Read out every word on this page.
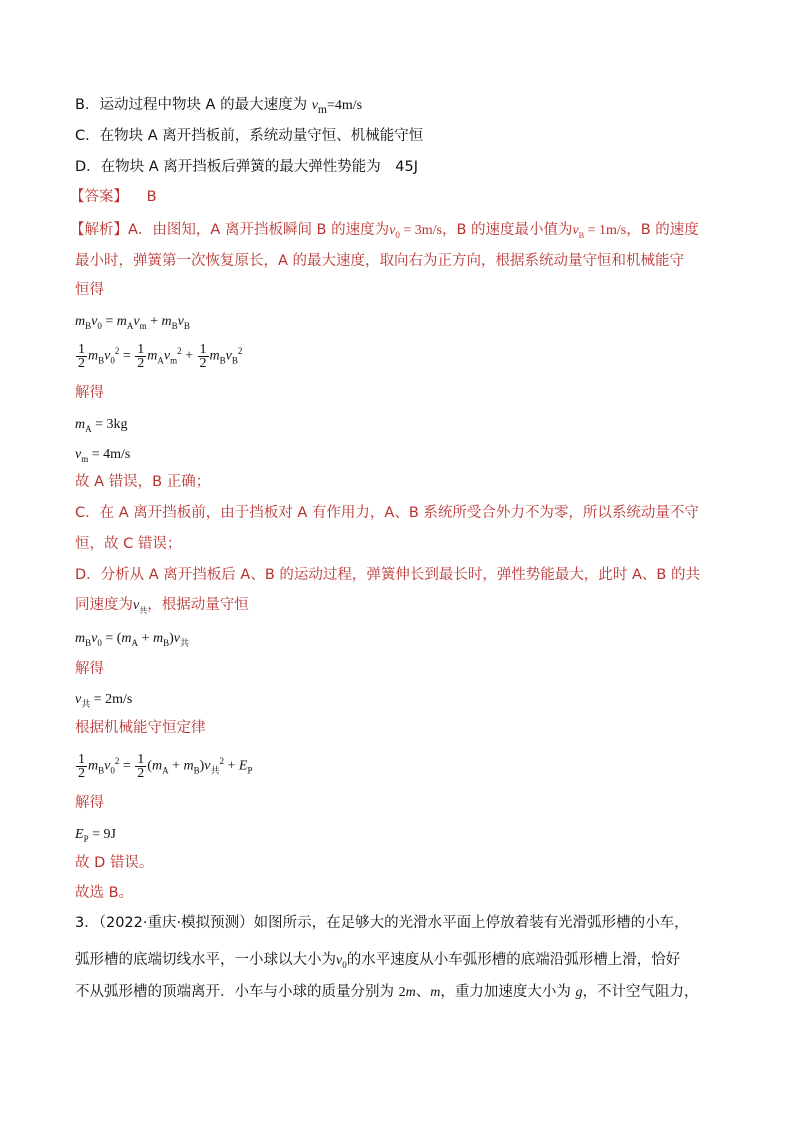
B．运动过程中物块 A 的最大速度为 $v_m=4m/s$
C．在物块 A 离开挡板前，系统动量守恒、机械能守恒
D．在物块 A 离开挡板后弹簧的最大弹性势能为　45J
【答案】 B
【解析】A．由图知，A 离开挡板瞬间 B 的速度为$v_0 = 3m/s$，B 的速度最小值为$v_B = 1m/s$，B 的速度
最小时，弹簧第一次恢复原长，A 的最大速度，取向右为正方向，根据系统动量守恒和机械能守
恒得
$m_Bv_0 = m_Av_m + m_Bv_B$
$\frac{1}{2} m_Bv_0^2 = \frac{1}{2} m_Av_m^2 + \frac{1}{2} m_Bv_B^2$
解得
$m_A = 3kg$
$v_m = 4m/s$
故 A 错误，B 正确；
C．在 A 离开挡板前，由于挡板对 A 有作用力，A、B 系统所受合外力不为零，所以系统动量不守
恒，故 C 错误；
D．分析从 A 离开挡板后 A、B 的运动过程，弹簧伸长到最长时，弹性势能最大，此时 A、B 的共
同速度为$v_共$，根据动量守恒
$m_Bv_0 = (m_A + m_B)v_共$
解得
$v_共 = 2m/s$
根据机械能守恒定律
$\frac{1}{2} m_Bv_0^2 = \frac{1}{2} (m_A + m_B)v_共^2 + E_P$
解得
$E_P = 9J$
故 D 错误。
故选 B。
3．（2022·重庆·模拟预测）如图所示，在足够大的光滑水平面上停放着装有光滑弧形槽的小车，
弧形槽的底端切线水平，一小球以大小为$v_0$的水平速度从小车弧形槽的底端沿弧形槽上滑，恰好
不从弧形槽的顶端离开．小车与小球的质量分别为 2m、m，重力加速度大小为 g，不计空气阻力，
